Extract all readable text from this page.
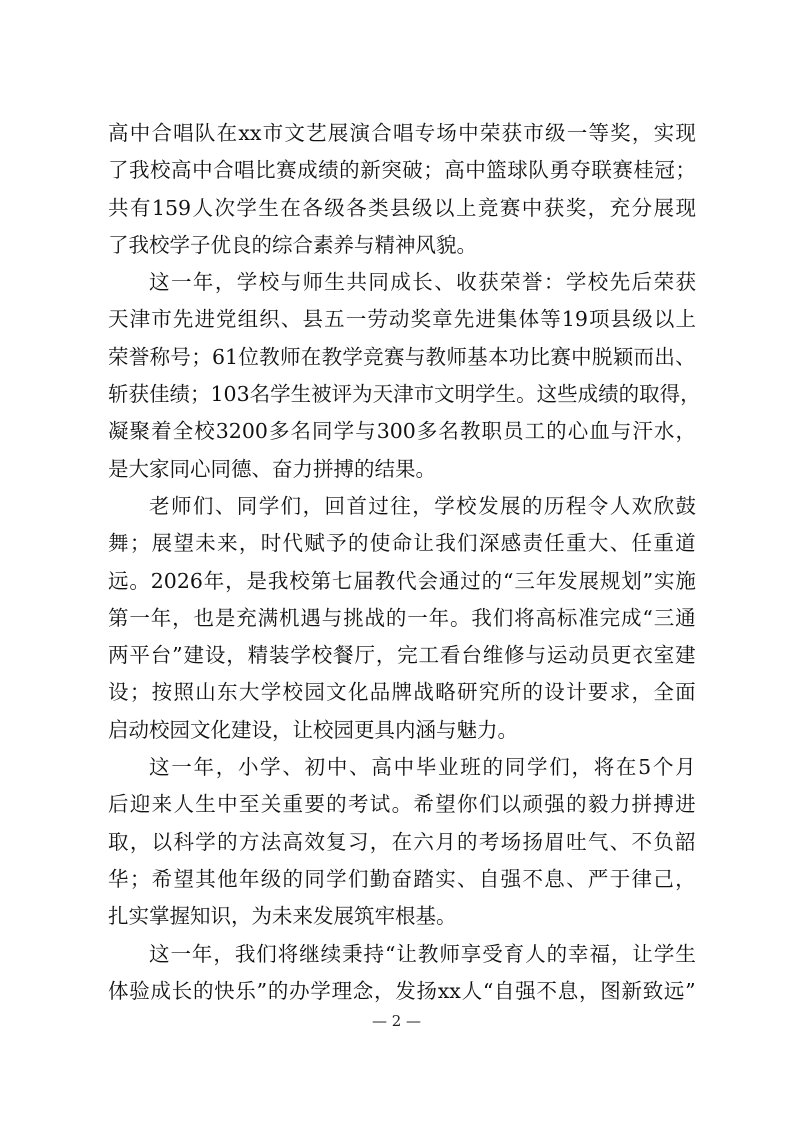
高 中 合 唱 队 在 xx 市 文 艺 展 演 合 唱 专 场 中 荣 获 市 级 一 等 奖 ， 实 现
了 我 校 高 中 合 唱 比 赛 成 绩 的 新 突 破 ； 高 中 篮 球 队 勇 夺 联 赛 桂 冠 ；
共 有 159 人 次 学 生 在 各 级 各 类 县 级 以 上 竞 赛 中 获 奖 ， 充 分 展 现
了 我 校 学 子 优 良 的 综 合 素 养 与 精 神 风 貌 。
这 一 年 ， 学 校 与 师 生 共 同 成 长 、 收 获 荣 誉 ： 学 校 先 后 荣 获
天 津 市 先 进 党 组 织 、 县 五 一 劳 动 奖 章 先 进 集 体 等 19 项 县 级 以 上
荣 誉 称 号 ； 61 位 教 师 在 教 学 竞 赛 与 教 师 基 本 功 比 赛 中 脱 颖 而 出 、
斩 获 佳 绩 ； 103 名 学 生 被 评 为 天 津 市 文 明 学 生 。 这 些 成 绩 的 取 得 ，
凝 聚 着 全 校 3200 多 名 同 学 与 300 多 名 教 职 员 工 的 心 血 与 汗 水 ，
是 大 家 同 心 同 德 、 奋 力 拼 搏 的 结 果 。
老 师 们 、 同 学 们 ， 回 首 过 往 ， 学 校 发 展 的 历 程 令 人 欢 欣 鼓
舞 ； 展 望 未 来 ， 时 代 赋 予 的 使 命 让 我 们 深 感 责 任 重 大 、 任 重 道
远 。 2026 年 ， 是 我 校 第 七 届 教 代 会 通 过 的 “ 三 年 发 展 规 划 ” 实 施
第 一 年 ， 也 是 充 满 机 遇 与 挑 战 的 一 年 。 我 们 将 高 标 准 完 成 “ 三 通
两 平 台 ” 建 设 ， 精 装 学 校 餐 厅 ， 完 工 看 台 维 修 与 运 动 员 更 衣 室 建
设 ； 按 照 山 东 大 学 校 园 文 化 品 牌 战 略 研 究 所 的 设 计 要 求 ， 全 面
启 动 校 园 文 化 建 设 ， 让 校 园 更 具 内 涵 与 魅 力 。
这 一 年 ， 小 学 、 初 中 、 高 中 毕 业 班 的 同 学 们 ， 将 在 5 个 月
后 迎 来 人 生 中 至 关 重 要 的 考 试 。 希 望 你 们 以 顽 强 的 毅 力 拼 搏 进
取 ， 以 科 学 的 方 法 高 效 复 习 ， 在 六 月 的 考 场 扬 眉 吐 气 、 不 负 韶
华 ； 希 望 其 他 年 级 的 同 学 们 勤 奋 踏 实 、 自 强 不 息 、 严 于 律 己 ，
扎 实 掌 握 知 识 ， 为 未 来 发 展 筑 牢 根 基 。
这 一 年 ， 我 们 将 继 续 秉 持 “ 让 教 师 享 受 育 人 的 幸 福 ， 让 学 生
体 验 成 长 的 快 乐 ” 的 办 学 理 念 ， 发 扬 xx 人 “ 自 强 不 息 ， 图 新 致 远 ”
— 2 —
